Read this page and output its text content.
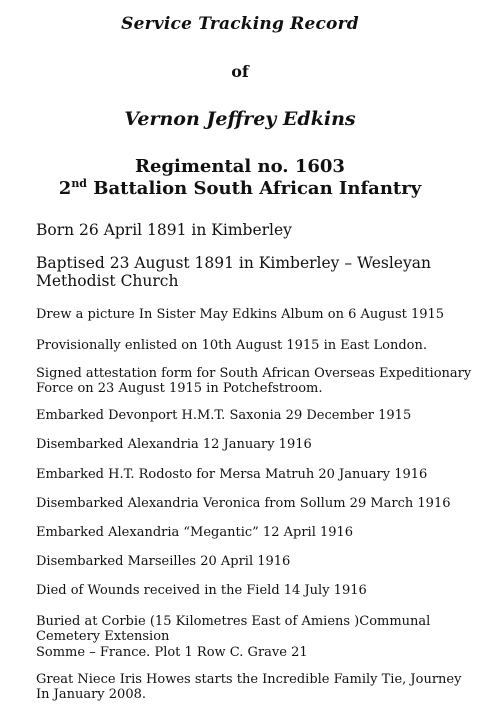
Service Tracking Record
of
Vernon Jeffrey Edkins
Regimental no. 1603
2nd Battalion South African Infantry
Born 26 April 1891 in Kimberley
Baptised 23 August 1891 in Kimberley – Wesleyan
Methodist Church
Drew a picture In Sister May Edkins Album on 6 August 1915
Provisionally enlisted on 10th August 1915 in East London.
Signed attestation form for South African Overseas Expeditionary
Force on 23 August 1915 in Potchefstroom.
Embarked Devonport H.M.T. Saxonia 29 December 1915
Disembarked Alexandria 12 January 1916
Embarked H.T. Rodosto for Mersa Matruh 20 January 1916
Disembarked Alexandria Veronica from Sollum 29 March 1916
Embarked Alexandria “Megantic” 12 April 1916
Disembarked Marseilles 20 April 1916
Died of Wounds received in the Field 14 July 1916
Buried at Corbie (15 Kilometres East of Amiens )Communal
Cemetery Extension
Somme – France. Plot 1 Row C. Grave 21
Great Niece Iris Howes starts the Incredible Family Tie, Journey
In January 2008.
